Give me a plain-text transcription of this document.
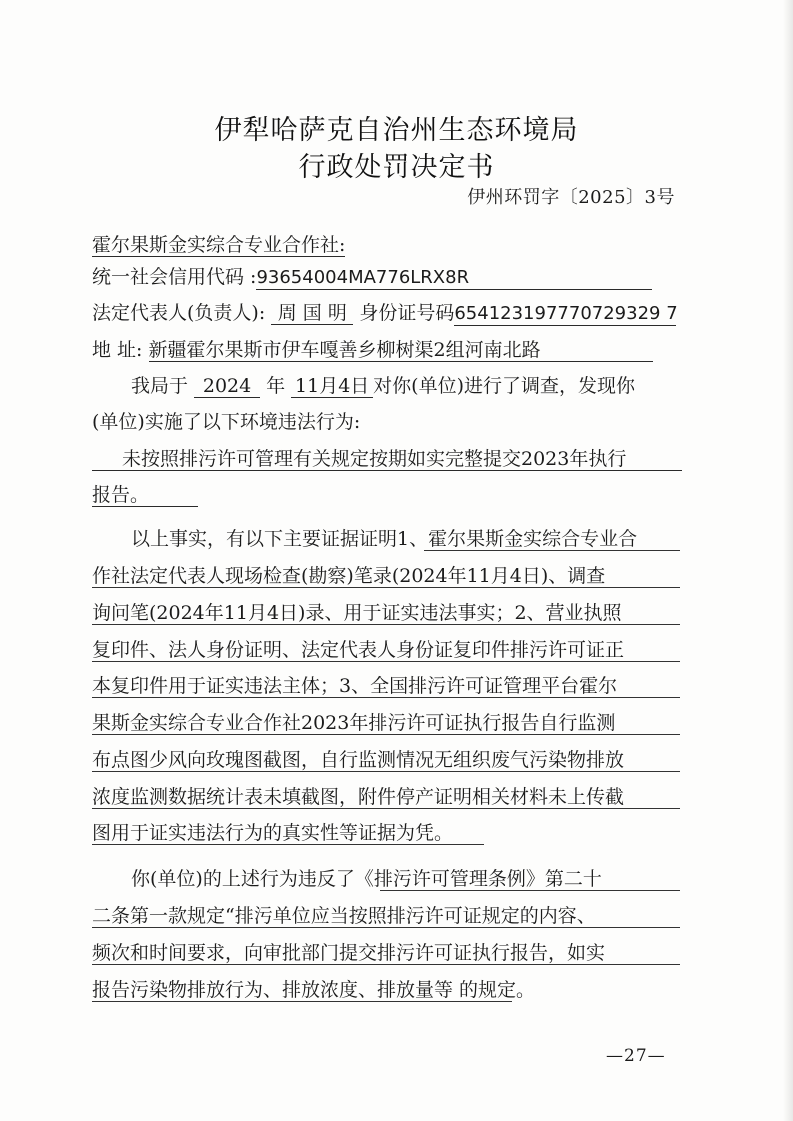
伊犁哈萨克自治州生态环境局
行政处罚决定书
伊州环罚字〔2025〕3号
霍尔果斯金实综合专业合作社:
统一社会信用代码 :93654004MA776LRX8R
法定代表人(负责人): 周 国 明 身份证号码654123197770729329 7
地 址: 新疆霍尔果斯市伊车嘎善乡柳树渠2组河南北路
我局于 2024 年 11月4日 对你(单位)进行了调查，发现你
(单位)实施了以下环境违法行为:
未按照排污许可管理有关规定按期如实完整提交2023年执行
报告。
以上事实，有以下主要证据证明1、霍尔果斯金实综合专业合
作社法定代表人现场检查(勘察)笔录(2024年11月4日)、调查
询问笔(2024年11月4日)录、用于证实违法事实；2、营业执照
复印件、法人身份证明、法定代表人身份证复印件排污许可证正
本复印件用于证实违法主体；3、全国排污许可证管理平台霍尔
果斯金实综合专业合作社2023年排污许可证执行报告自行监测
布点图少风向玫瑰图截图，自行监测情况无组织废气污染物排放
浓度监测数据统计表未填截图，附件停产证明相关材料未上传截
图用于证实违法行为的真实性等证据为凭。
你(单位)的上述行为违反了《排污许可管理条例》第二十
二条第一款规定“排污单位应当按照排污许可证规定的内容、
频次和时间要求，向审批部门提交排污许可证执行报告，如实
报告污染物排放行为、排放浓度、排放量等 的规定。
—27—
